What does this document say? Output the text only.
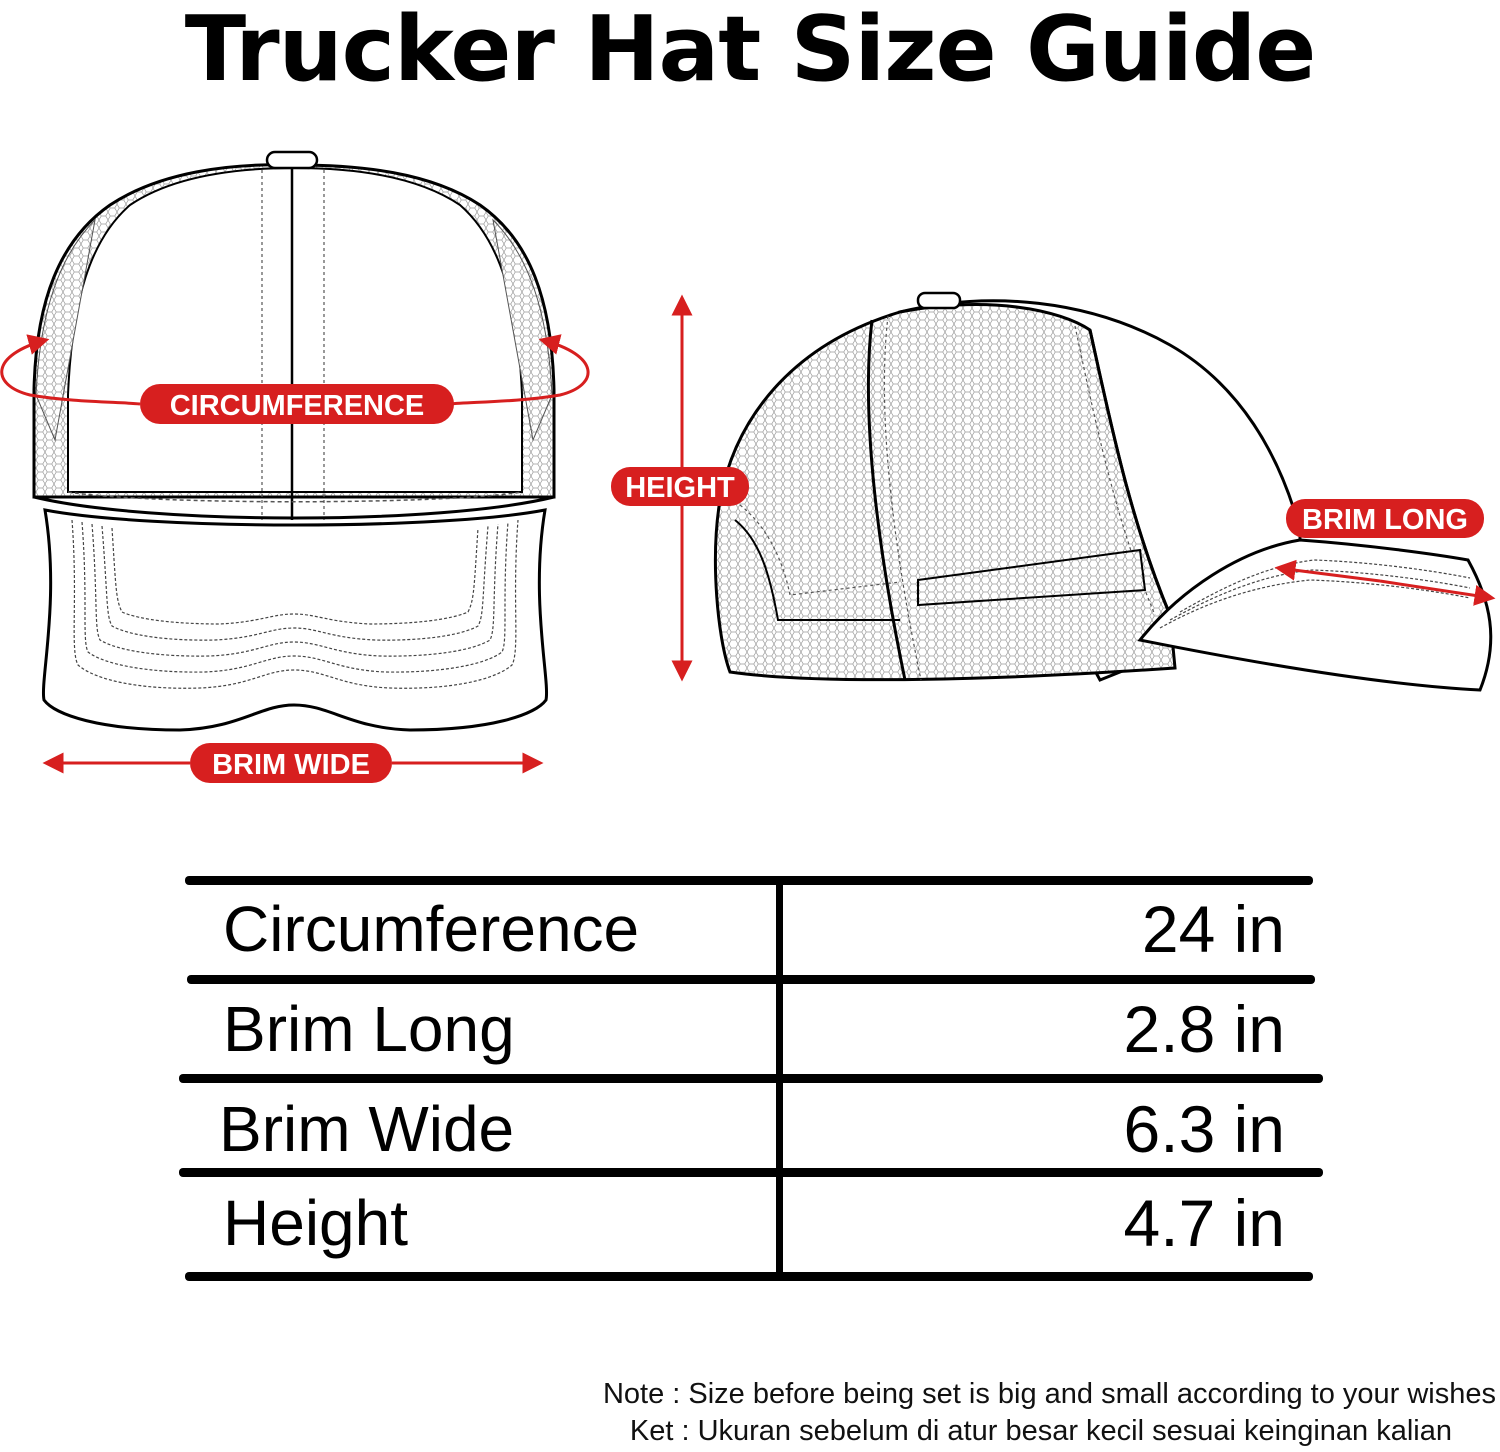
Trucker Hat Size Guide
CIRCUMFERENCE
BRIM WIDE
HEIGHT
BRIM LONG
Circumference	24 in
Brim Long	2.8 in
Brim Wide	6.3 in
Height	4.7 in
Note : Size before being set is big and small according to your wishes
Ket : Ukuran sebelum di atur besar kecil sesuai keinginan kalian
